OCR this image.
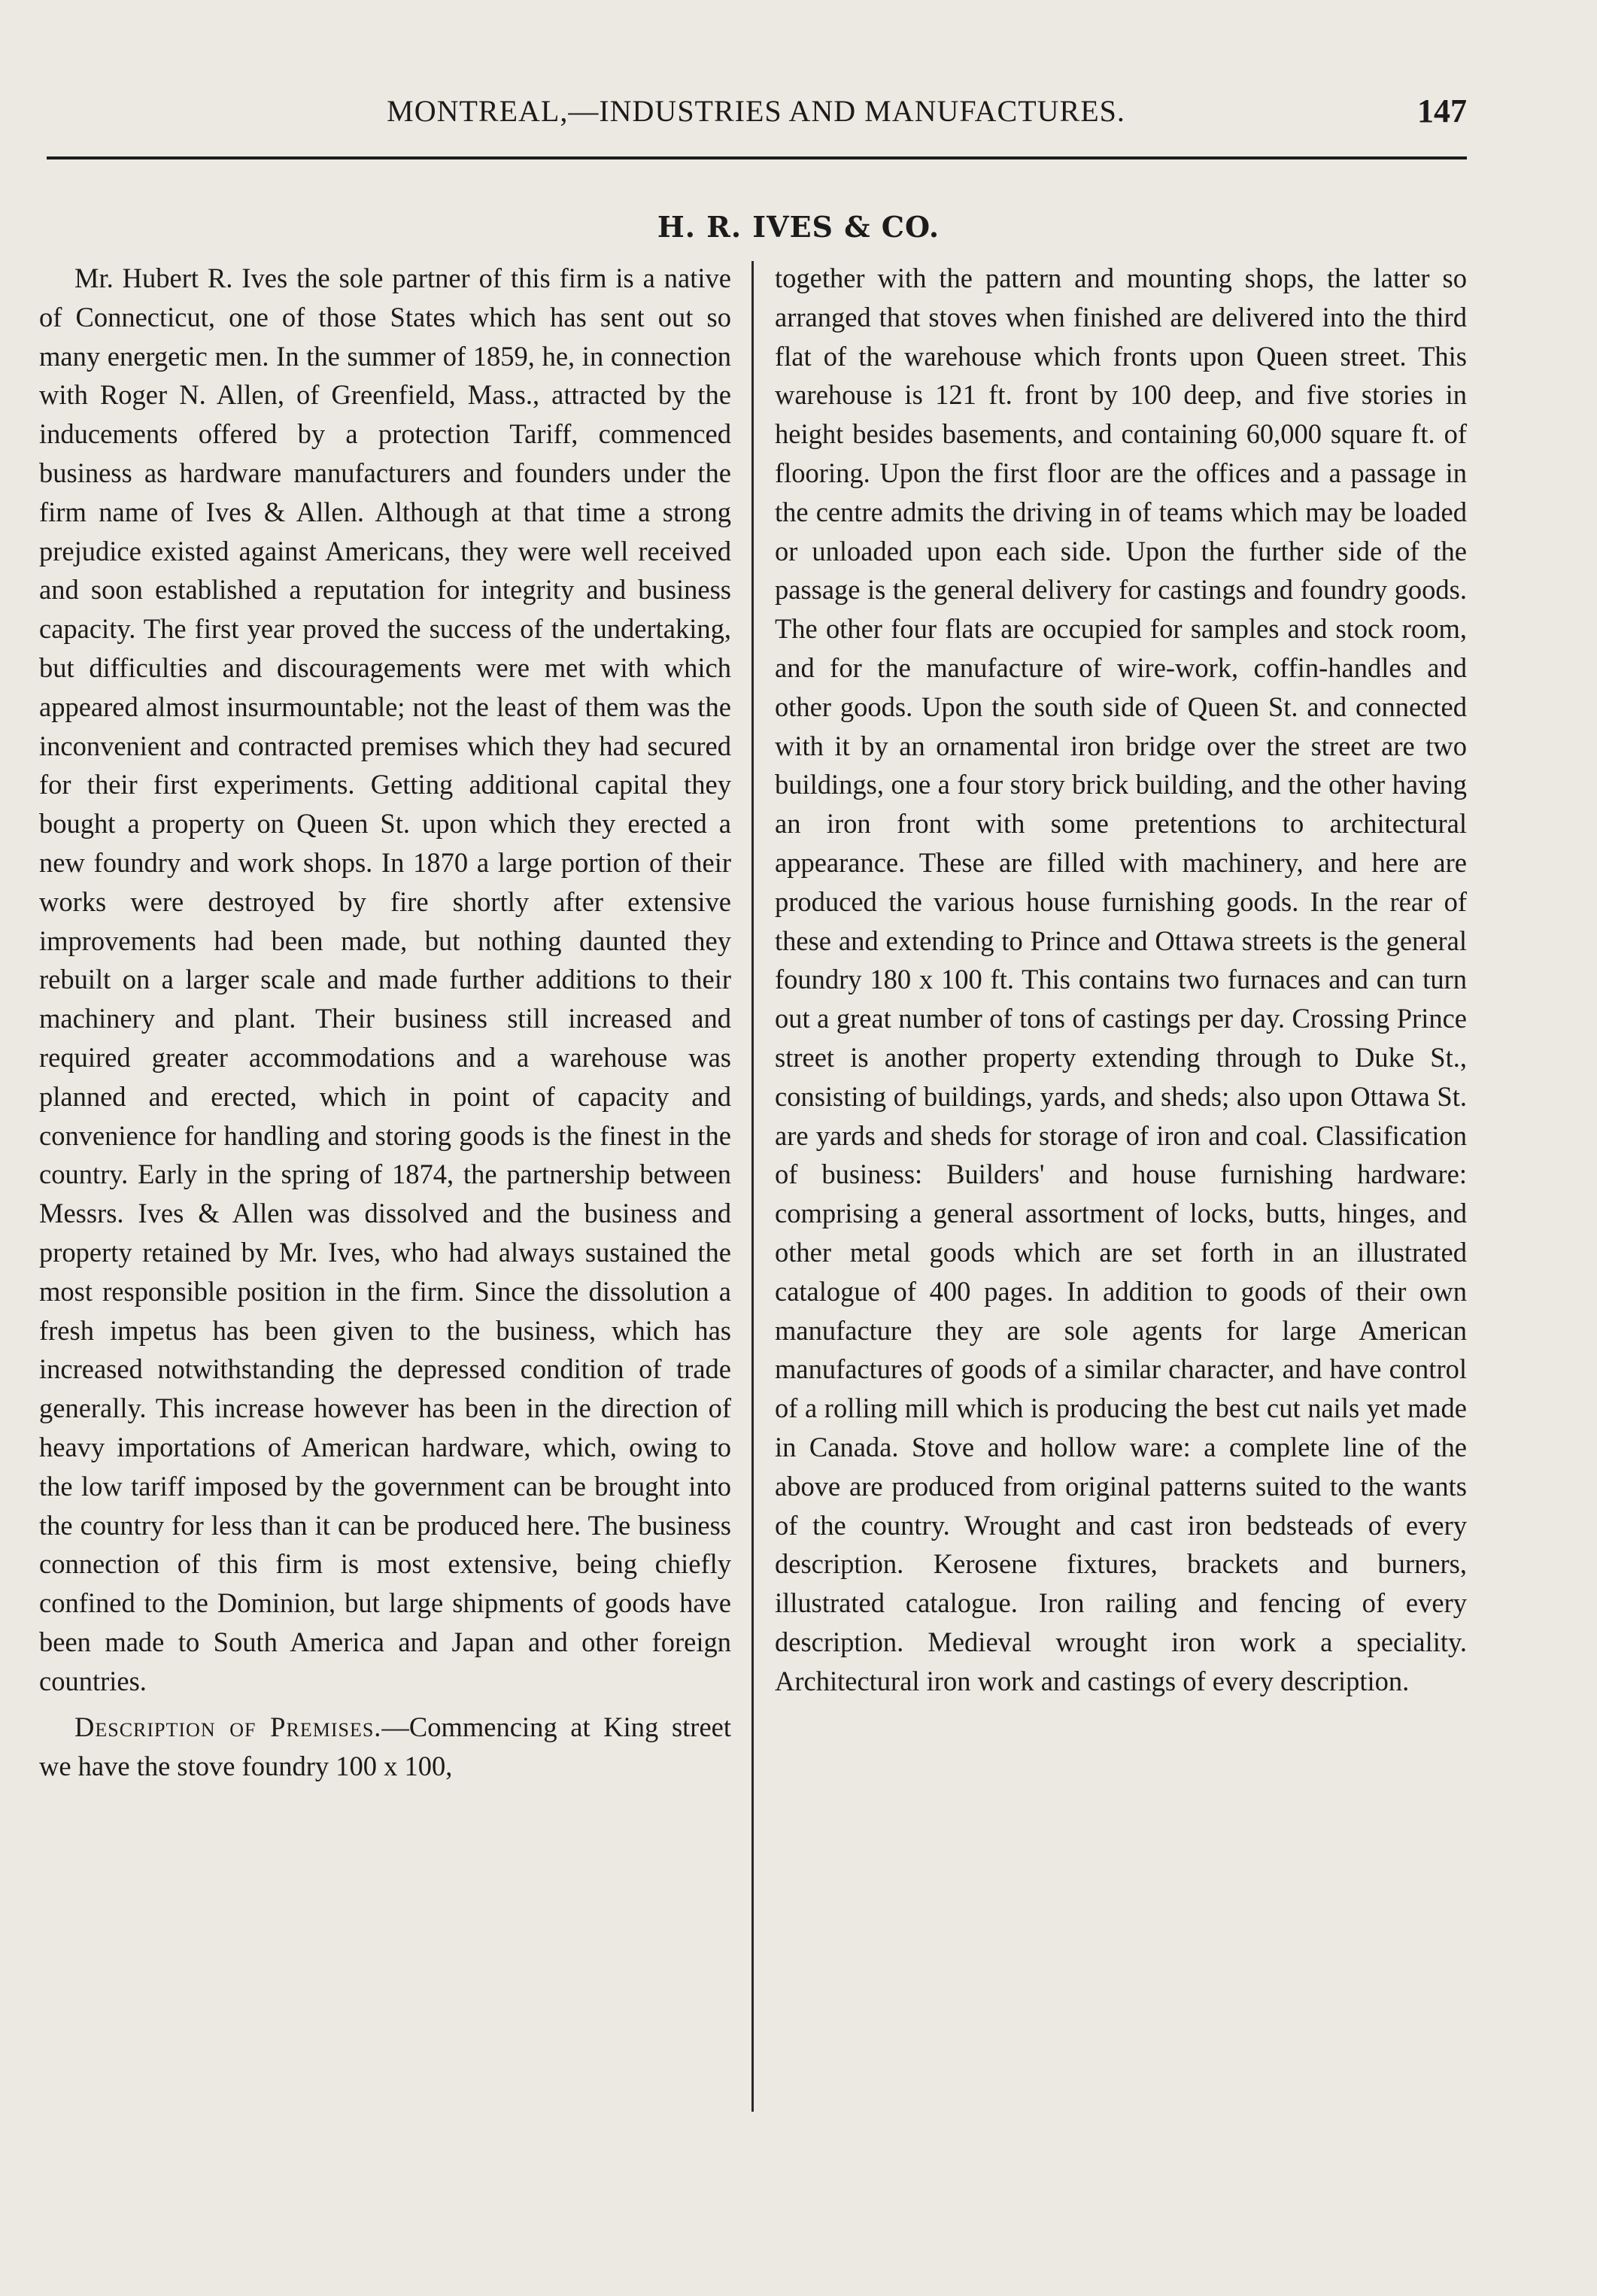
MONTREAL,—INDUSTRIES AND MANUFACTURES.	147
H. R. IVES & CO.

Mr. Hubert R. Ives the sole partner of this firm is a native of Connecticut, one of those States which has sent out so many energetic men. In the summer of 1859, he, in connection with Roger N. Allen, of Greenfield, Mass., attracted by the inducements offered by a protection Tariff, commenced business as hardware manufacturers and founders under the firm name of Ives & Allen. Although at that time a strong prejudice existed against Americans, they were well received and soon established a reputation for integrity and business capacity. The first year proved the success of the undertaking, but difficulties and discouragements were met with which appeared almost insurmountable; not the least of them was the inconvenient and contracted premises which they had secured for their first experiments. Getting additional capital they bought a property on Queen St. upon which they erected a new foundry and work shops. In 1870 a large portion of their works were destroyed by fire shortly after extensive improvements had been made, but nothing daunted they rebuilt on a larger scale and made further additions to their machinery and plant. Their business still increased and required greater accommodations and a warehouse was planned and erected, which in point of capacity and convenience for handling and storing goods is the finest in the country. Early in the spring of 1874, the partnership between Messrs. Ives & Allen was dissolved and the business and property retained by Mr. Ives, who had always sustained the most responsible position in the firm. Since the dissolution a fresh impetus has been given to the business, which has increased notwithstanding the depressed condition of trade generally. This increase however has been in the direction of heavy importations of American hardware, which, owing to the low tariff imposed by the government can be brought into the country for less than it can be produced here. The business connection of this firm is most extensive, being chiefly confined to the Dominion, but large shipments of goods have been made to South America and Japan and other foreign countries.

Description of Premises.—Commencing at King street we have the stove foundry 100 x 100,

together with the pattern and mounting shops, the latter so arranged that stoves when finished are delivered into the third flat of the warehouse which fronts upon Queen street. This warehouse is 121 ft. front by 100 deep, and five stories in height besides basements, and containing 60,000 square ft. of flooring. Upon the first floor are the offices and a passage in the centre admits the driving in of teams which may be loaded or unloaded upon each side. Upon the further side of the passage is the general delivery for castings and foundry goods. The other four flats are occupied for samples and stock room, and for the manufacture of wire-work, coffin-handles and other goods. Upon the south side of Queen St. and connected with it by an ornamental iron bridge over the street are two buildings, one a four story brick building, and the other having an iron front with some pretentions to architectural appearance. These are filled with machinery, and here are produced the various house furnishing goods. In the rear of these and extending to Prince and Ottawa streets is the general foundry 180 x 100 ft. This contains two furnaces and can turn out a great number of tons of castings per day. Crossing Prince street is another property extending through to Duke St., consisting of buildings, yards, and sheds; also upon Ottawa St. are yards and sheds for storage of iron and coal. Classification of business: Builders' and house furnishing hardware: comprising a general assortment of locks, butts, hinges, and other metal goods which are set forth in an illustrated catalogue of 400 pages. In addition to goods of their own manufacture they are sole agents for large American manufactures of goods of a similar character, and have control of a rolling mill which is producing the best cut nails yet made in Canada. Stove and hollow ware: a complete line of the above are produced from original patterns suited to the wants of the country. Wrought and cast iron bedsteads of every description. Kerosene fixtures, brackets and burners, illustrated catalogue. Iron railing and fencing of every description. Medieval wrought iron work a speciality. Architectural iron work and castings of every description.
